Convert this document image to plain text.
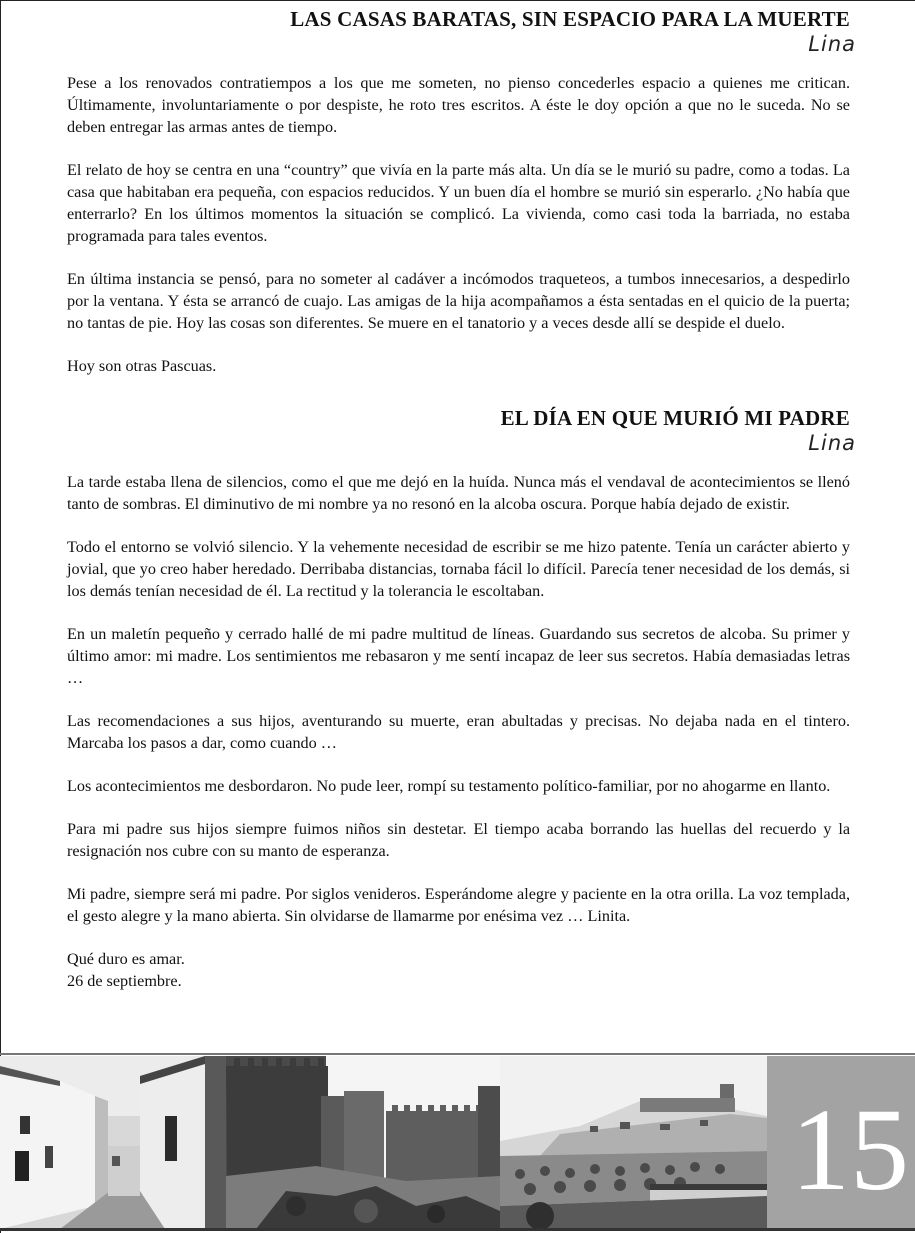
LAS CASAS BARATAS, SIN ESPACIO PARA LA MUERTE
Lina

Pese a los renovados contratiempos a los que me someten, no pienso concederles espacio a quienes me critican. Últimamente, involuntariamente o por despiste, he roto tres escritos. A éste le doy opción a que no le suceda. No se deben entregar las armas antes de tiempo.

El relato de hoy se centra en una “country” que vivía en la parte más alta. Un día se le murió su padre, como a todas. La casa que habitaban era pequeña, con espacios reducidos. Y un buen día el hombre se murió sin esperarlo. ¿No había que enterrarlo? En los últimos momentos la situación se complicó. La vivienda, como casi toda la barriada, no estaba programada para tales eventos.

En última instancia se pensó, para no someter al cadáver a incómodos traqueteos, a tumbos innecesarios, a despedirlo por la ventana. Y ésta se arrancó de cuajo. Las amigas de la hija acompañamos a ésta sentadas en el quicio de la puerta; no tantas de pie. Hoy las cosas son diferentes. Se muere en el tanatorio y a veces desde allí se despide el duelo.

Hoy son otras Pascuas.

EL DÍA EN QUE MURIÓ MI PADRE
Lina

La tarde estaba llena de silencios, como el que me dejó en la huída. Nunca más el vendaval de acontecimientos se llenó tanto de sombras. El diminutivo de mi nombre ya no resonó en la alcoba oscura. Porque había dejado de existir.

Todo el entorno se volvió silencio. Y la vehemente necesidad de escribir se me hizo patente. Tenía un carácter abierto y jovial, que yo creo haber heredado. Derribaba distancias, tornaba fácil lo difícil. Parecía tener necesidad de los demás, si los demás tenían necesidad de él. La rectitud y la tolerancia le escoltaban.

En un maletín pequeño y cerrado hallé de mi padre multitud de líneas. Guardando sus secretos de alcoba. Su primer y último amor: mi madre. Los sentimientos me rebasaron y me sentí incapaz de leer sus secretos. Había demasiadas letras …

Las recomendaciones a sus hijos, aventurando su muerte, eran abultadas y precisas. No dejaba nada en el tintero. Marcaba los pasos a dar, como cuando …

Los acontecimientos me desbordaron. No pude leer, rompí su testamento político-familiar, por no ahogarme en llanto.

Para mi padre sus hijos siempre fuimos niños sin destetar. El tiempo acaba borrando las huellas del recuerdo y la resignación nos cubre con su manto de esperanza.

Mi padre, siempre será mi padre. Por siglos venideros. Esperándome alegre y paciente en la otra orilla. La voz templada, el gesto alegre y la mano abierta. Sin olvidarse de llamarme por enésima vez … Linita.

Qué duro es amar.

26 de septiembre.

15
